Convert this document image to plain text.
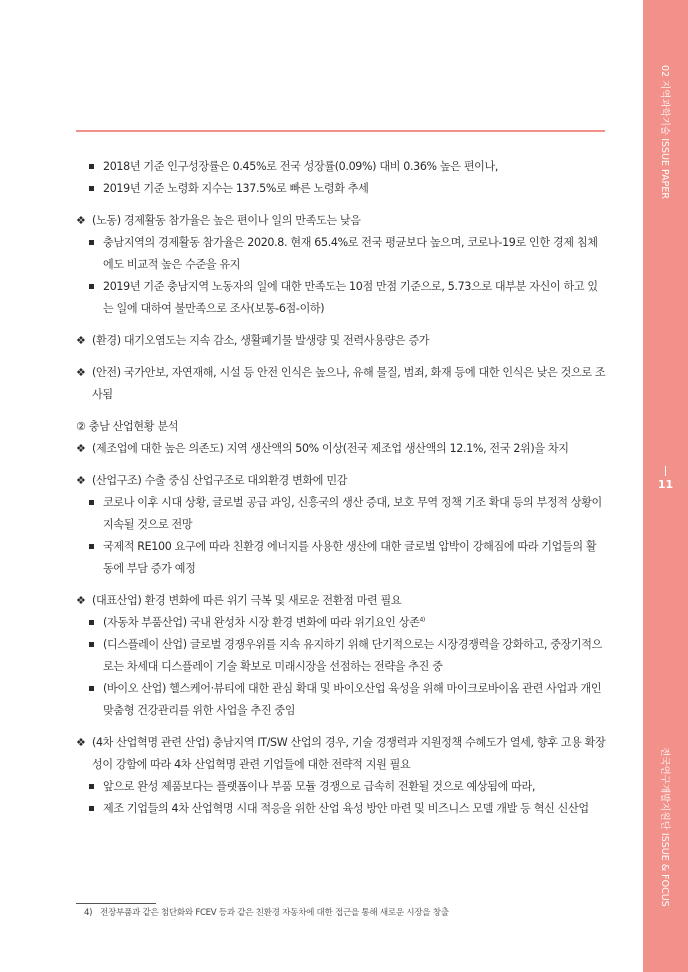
02 지역과학기술 ISSUE PAPER
11
전국연구개발지원단 ISSUE & FOCUS

2018년 기준 인구성장률은 0.45%로 전국 성장률(0.09%) 대비 0.36% 높은 편이나,

2019년 기준 노령화 지수는 137.5%로 빠른 노령화 추세

❖ (노동) 경제활동 참가율은 높은 편이나 일의 만족도는 낮음

충남지역의 경제활동 참가율은 2020.8. 현재 65.4%로 전국 평균보다 높으며, 코로나-19로 인한 경제 침체에도 비교적 높은 수준을 유지

2019년 기준 충남지역 노동자의 일에 대한 만족도는 10점 만점 기준으로, 5.73으로 대부분 자신이 하고 있는 일에 대하여 불만족으로 조사(보통-6점-이하)

❖ (환경) 대기오염도는 지속 감소, 생활폐기물 발생량 및 전력사용량은 증가

❖ (안전) 국가안보, 자연재해, 시설 등 안전 인식은 높으나, 유해 물질, 범죄, 화재 등에 대한 인식은 낮은 것으로 조사됨

② 충남 산업현황 분석

❖ (제조업에 대한 높은 의존도) 지역 생산액의 50% 이상(전국 제조업 생산액의 12.1%, 전국 2위)을 차지

❖ (산업구조) 수출 중심 산업구조로 대외환경 변화에 민감

코로나 이후 시대 상황, 글로벌 공급 과잉, 신흥국의 생산 증대, 보호 무역 정책 기조 확대 등의 부정적 상황이 지속될 것으로 전망

국제적 RE100 요구에 따라 친환경 에너지를 사용한 생산에 대한 글로벌 압박이 강해짐에 따라 기업들의 활동에 부담 증가 예정

❖ (대표산업) 환경 변화에 따른 위기 극복 및 새로운 전환점 마련 필요

(자동차 부품산업) 국내 완성차 시장 환경 변화에 따라 위기요인 상존$^{4)}$

(디스플레이 산업) 글로벌 경쟁우위를 지속 유지하기 위해 단기적으로는 시장경쟁력을 강화하고, 중장기적으로는 차세대 디스플레이 기술 확보로 미래시장을 선점하는 전략을 추진 중

(바이오 산업) 헬스케어·뷰티에 대한 관심 확대 및 바이오산업 육성을 위해 마이크로바이옴 관련 사업과 개인맞춤형 건강관리를 위한 사업을 추진 중임

❖ (4차 산업혁명 관련 산업) 충남지역 IT/SW 산업의 경우, 기술 경쟁력과 지원정책 수혜도가 열세, 향후 고용 확장성이 강함에 따라 4차 산업혁명 관련 기업들에 대한 전략적 지원 필요

앞으로 완성 제품보다는 플랫폼이나 부품 모듈 경쟁으로 급속히 전환될 것으로 예상됨에 따라,

제조 기업들의 4차 산업혁명 시대 적응을 위한 산업 육성 방안 마련 및 비즈니스 모델 개발 등 혁신 신산업

4) 전장부품과 같은 첨단화와 FCEV 등과 같은 친환경 자동차에 대한 접근을 통해 새로운 시장을 창출
